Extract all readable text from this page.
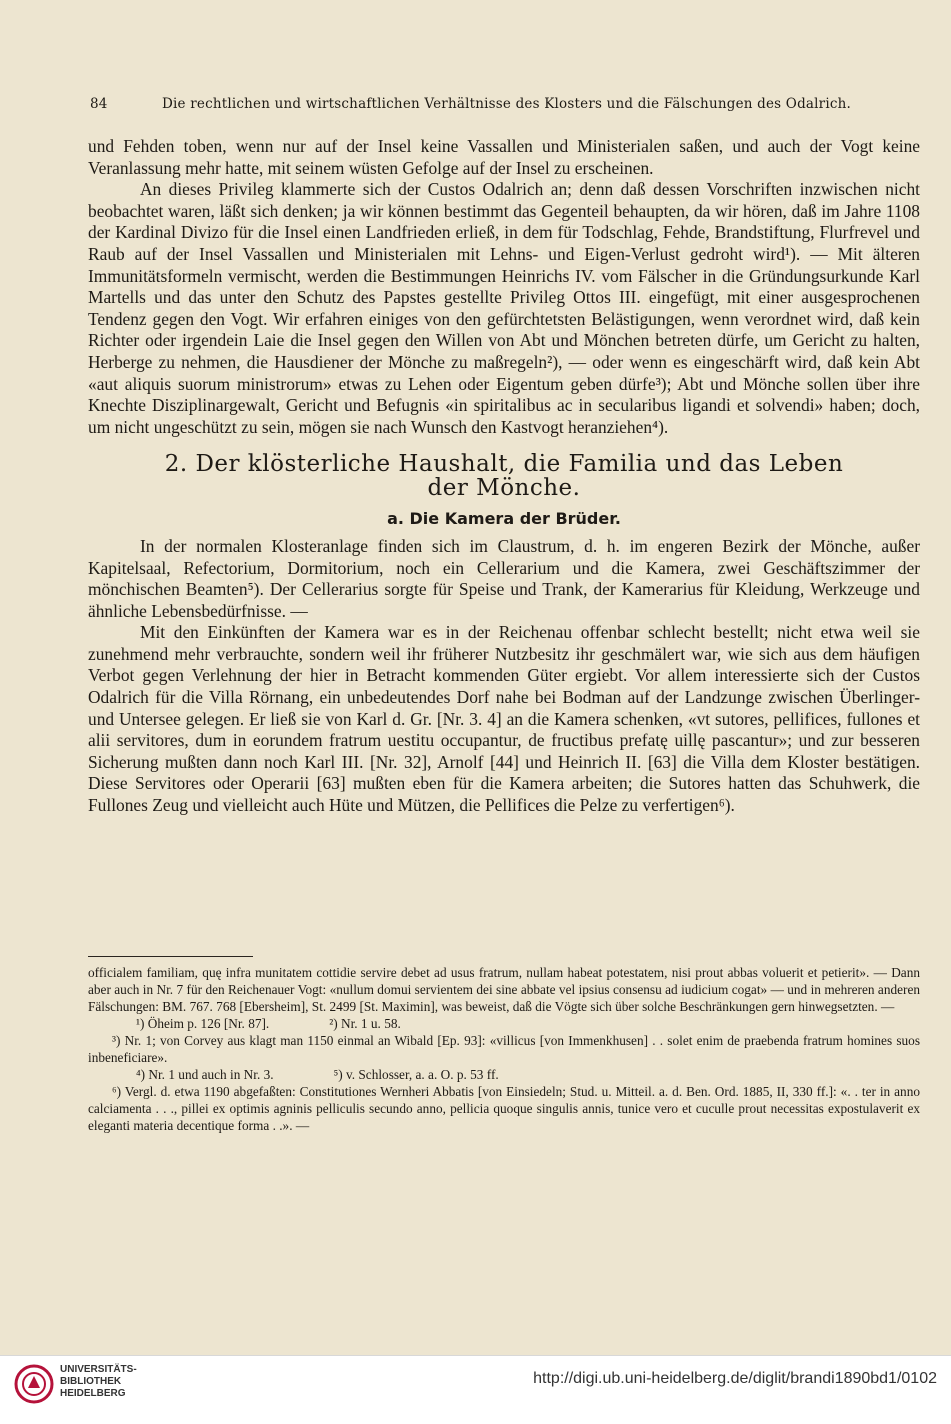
84	Die rechtlichen und wirtschaftlichen Verhältnisse des Klosters und die Fälschungen des Odalrich.

und Fehden toben, wenn nur auf der Insel keine Vassallen und Ministerialen saßen, und auch der Vogt keine Veranlassung mehr hatte, mit seinem wüsten Gefolge auf der Insel zu erscheinen.

An dieses Privileg klammerte sich der Custos Odalrich an; denn daß dessen Vorschriften inzwischen nicht beobachtet waren, läßt sich denken; ja wir können bestimmt das Gegenteil behaupten, da wir hören, daß im Jahre 1108 der Kardinal Divizo für die Insel einen Landfrieden erließ, in dem für Todschlag, Fehde, Brandstiftung, Flurfrevel und Raub auf der Insel Vassallen und Ministerialen mit Lehns- und Eigen-Verlust gedroht wird¹). — Mit älteren Immunitätsformeln vermischt, werden die Bestimmungen Heinrichs IV. vom Fälscher in die Gründungsurkunde Karl Martells und das unter den Schutz des Papstes gestellte Privileg Ottos III. eingefügt, mit einer ausgesprochenen Tendenz gegen den Vogt. Wir erfahren einiges von den gefürchtetsten Belästigungen, wenn verordnet wird, daß kein Richter oder irgendein Laie die Insel gegen den Willen von Abt und Mönchen betreten dürfe, um Gericht zu halten, Herberge zu nehmen, die Hausdiener der Mönche zu maßregeln²), — oder wenn es eingeschärft wird, daß kein Abt «aut aliquis suorum ministrorum» etwas zu Lehen oder Eigentum geben dürfe³); Abt und Mönche sollen über ihre Knechte Disziplinargewalt, Gericht und Befugnis «in spiritalibus ac in secularibus ligandi et solvendi» haben; doch, um nicht ungeschützt zu sein, mögen sie nach Wunsch den Kastvogt heranziehen⁴).

2. Der klösterliche Haushalt, die Familia und das Leben
der Mönche.
a. Die Kamera der Brüder.

In der normalen Klosteranlage finden sich im Claustrum, d. h. im engeren Bezirk der Mönche, außer Kapitelsaal, Refectorium, Dormitorium, noch ein Cellerarium und die Kamera, zwei Geschäftszimmer der mönchischen Beamten⁵). Der Cellerarius sorgte für Speise und Trank, der Kamerarius für Kleidung, Werkzeuge und ähnliche Lebensbedürfnisse. —

Mit den Einkünften der Kamera war es in der Reichenau offenbar schlecht bestellt; nicht etwa weil sie zunehmend mehr verbrauchte, sondern weil ihr früherer Nutzbesitz ihr geschmälert war, wie sich aus dem häufigen Verbot gegen Verlehnung der hier in Betracht kommenden Güter ergiebt. Vor allem interessierte sich der Custos Odalrich für die Villa Rörnang, ein unbedeutendes Dorf nahe bei Bodman auf der Landzunge zwischen Überlinger- und Untersee gelegen. Er ließ sie von Karl d. Gr. [Nr. 3. 4] an die Kamera schenken, «vt sutores, pellifices, fullones et alii servitores, dum in eorundem fratrum uestitu occupantur, de fructibus prefatę uillę pascantur»; und zur besseren Sicherung mußten dann noch Karl III. [Nr. 32], Arnolf [44] und Heinrich II. [63] die Villa dem Kloster bestätigen. Diese Servitores oder Operarii [63] mußten eben für die Kamera arbeiten; die Sutores hatten das Schuhwerk, die Fullones Zeug und vielleicht auch Hüte und Mützen, die Pellifices die Pelze zu verfertigen⁶).

officialem familiam, quę infra munitatem cottidie servire debet ad usus fratrum, nullam habeat potestatem, nisi prout abbas voluerit et petierit». — Dann aber auch in Nr. 7 für den Reichenauer Vogt: «nullum domui servientem dei sine abbate vel ipsius consensu ad iudicium cogat» — und in mehreren anderen Fälschungen: BM. 767. 768 [Ebersheim], St. 2499 [St. Maximin], was beweist, daß die Vögte sich über solche Beschränkungen gern hinwegsetzten. —

¹) Öheim p. 126 [Nr. 87].	²) Nr. 1 u. 58.

³) Nr. 1; von Corvey aus klagt man 1150 einmal an Wibald [Ep. 93]: «villicus [von Immenkhusen] . . solet enim de praebenda fratrum homines suos inbeneficiare».

⁴) Nr. 1 und auch in Nr. 3.	⁵) v. Schlosser, a. a. O. p. 53 ff.

⁶) Vergl. d. etwa 1190 abgefaßten: Constitutiones Wernheri Abbatis [von Einsiedeln; Stud. u. Mitteil. a. d. Ben. Ord. 1885, II, 330 ff.]: «. . ter in anno calciamenta . . ., pillei ex optimis agninis pelliculis secundo anno, pellicia quoque singulis annis, tunice vero et cuculle prout necessitas expostulaverit ex eleganti materia decentique forma . .». —

UNIVERSITÄTS-
BIBLIOTHEK
HEIDELBERG
http://digi.ub.uni-heidelberg.de/diglit/brandi1890bd1/0102
